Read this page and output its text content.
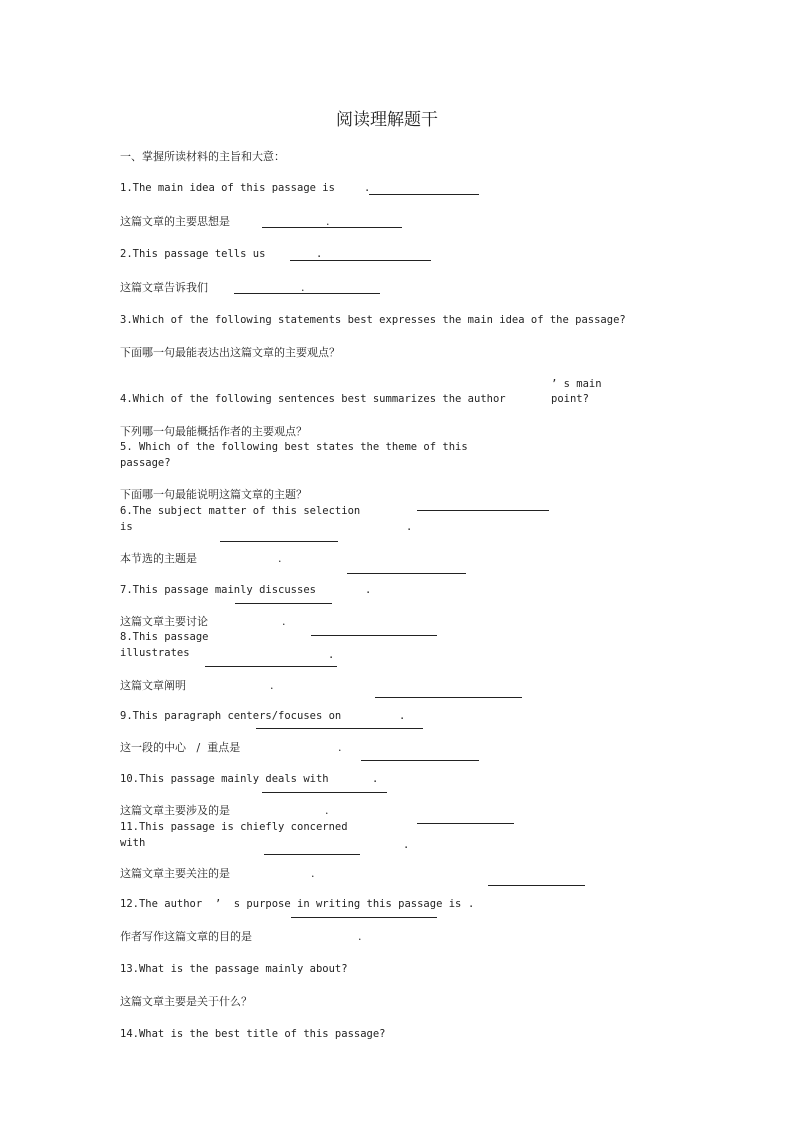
阅读理解题干
一、掌握所读材料的主旨和大意：
1.The main idea of this passage is	.
这篇文章的主要思想是	.
2.This passage tells us	.
这篇文章告诉我们	.
3.Which of the following statements best expresses the main idea of the passage?
下面哪一句最能表达出这篇文章的主要观点？
’ s main
4.Which of the following sentences best summarizes the author	point?
下列哪一句最能概括作者的主要观点？
5. Which of the following best states the theme of this
passage?
下面哪一句最能说明这篇文章的主题？
6.The subject matter of this selection
is	.
本节选的主题是	.
7.This passage mainly discusses	.
这篇文章主要讨论	.
8.This passage
illustrates	.
这篇文章阐明	.
9.This paragraph centers/focuses on	.
这一段的中心   /  重点是	.
10.This passage mainly deals with	.
这篇文章主要涉及的是	.
11.This passage is chiefly concerned
with	.
这篇文章主要关注的是	.
12.The author  ’  s purpose in writing this passage is .
作者写作这篇文章的目的是	.
13.What is the passage mainly about?
这篇文章主要是关于什么？
14.What is the best title of this passage?
